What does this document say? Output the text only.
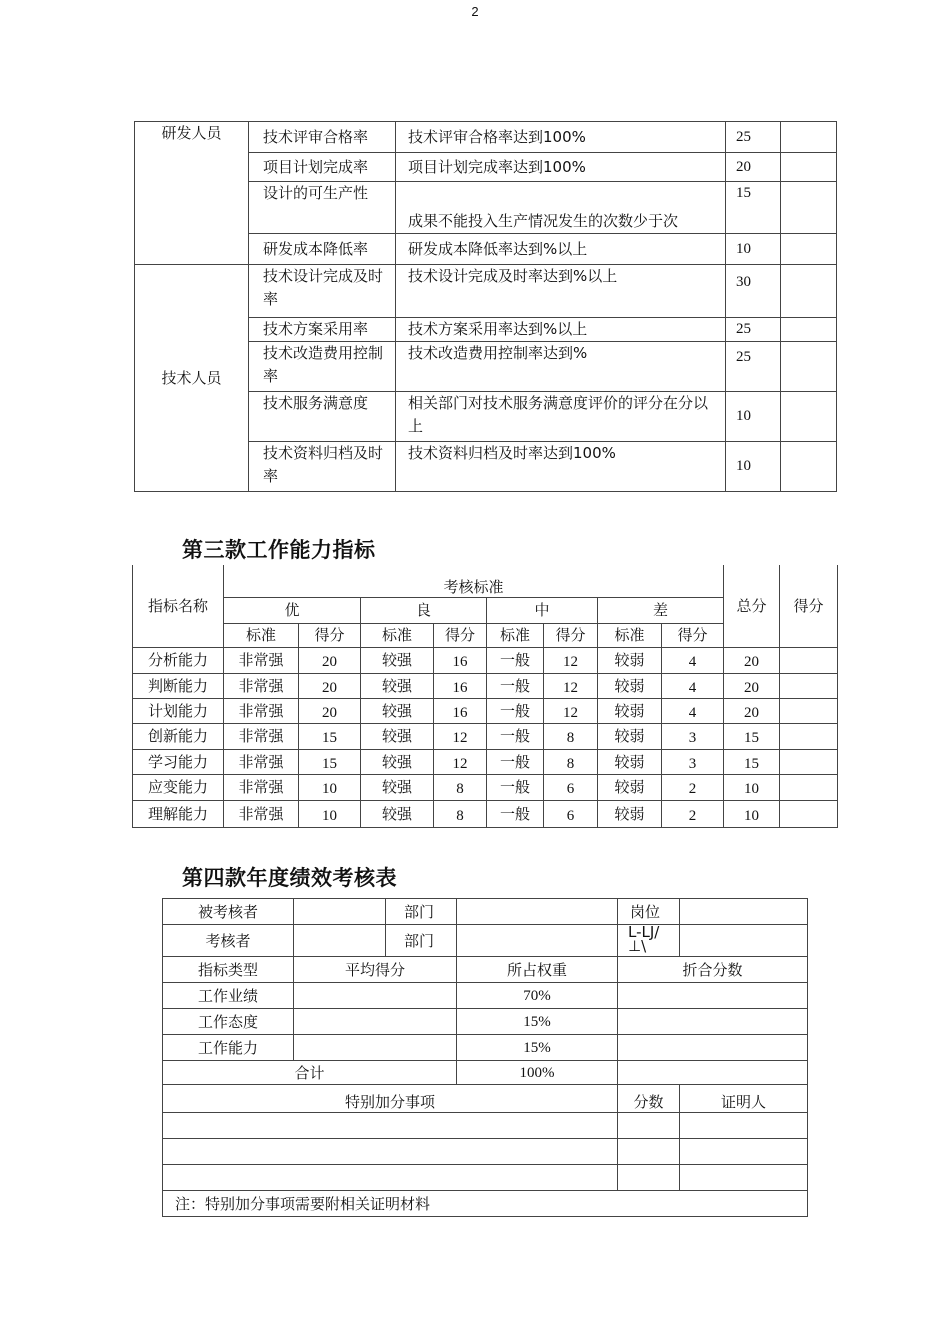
2
研发人员	技术评审合格率	技术评审合格率达到100%	25	
	项目计划完成率	项目计划完成率达到100%	20	
	设计的可生产性	成果不能投入生产情况发生的次数少于次	15	
	研发成本降低率	研发成本降低率达到%以上	10	
技术人员	技术设计完成及时率	技术设计完成及时率达到%以上	30	
	技术方案采用率	技术方案采用率达到%以上	25	
	技术改造费用控制率	技术改造费用控制率达到%	25	
	技术服务满意度	相关部门对技术服务满意度评价的评分在分以上	10	
	技术资料归档及时率	技术资料归档及时率达到100%	10	
第三款工作能力指标
指标名称	考核标准								总分	得分
	优		良		中		差			
	标准	得分	标准	得分	标准	得分	标准	得分		
分析能力	非常强	20	较强	16	一般	12	较弱	4	20	
判断能力	非常强	20	较强	16	一般	12	较弱	4	20	
计划能力	非常强	20	较强	16	一般	12	较弱	4	20	
创新能力	非常强	15	较强	12	一般	8	较弱	3	15	
学习能力	非常强	15	较强	12	一般	8	较弱	3	15	
应变能力	非常强	10	较强	8	一般	6	较弱	2	10	
理解能力	非常强	10	较强	8	一般	6	较弱	2	10	
第四款年度绩效考核表
被考核者		部门		岗位	
考核者		部门		L-LJ/
⊥\	
指标类型	平均得分		所占权重	折合分数	
工作业绩			70%		
工作态度			15%		
工作能力			15%		
合计			100%		
特别加分事项				分数	证明人

注：特别加分事项需要附相关证明材料					
